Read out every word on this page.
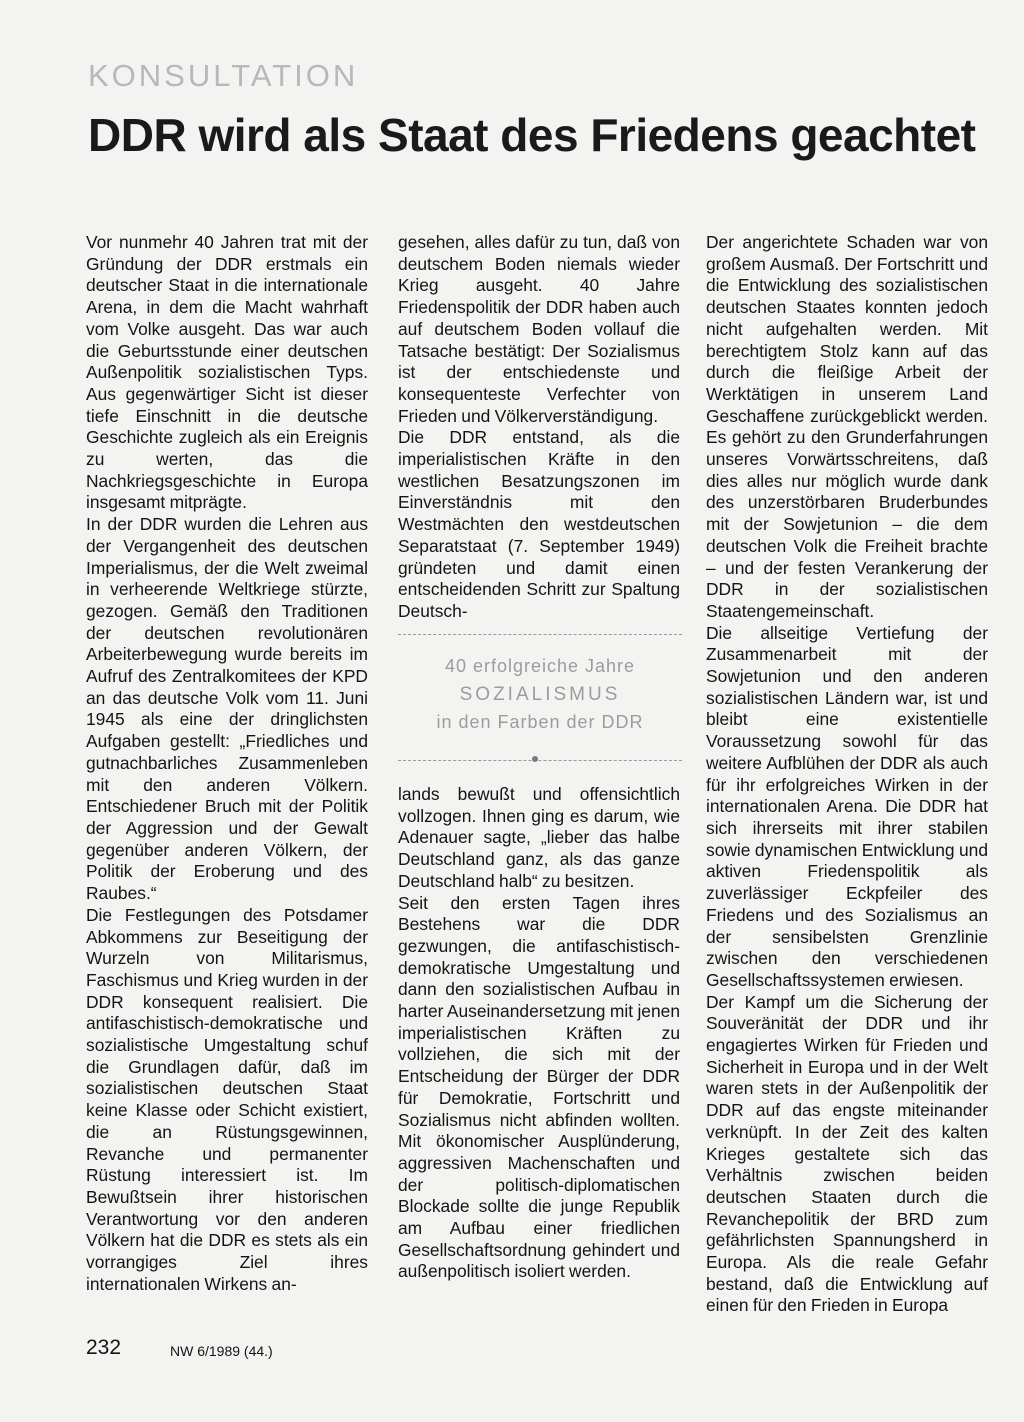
KONSULTATION
DDR wird als Staat des Friedens geachtet

Vor nunmehr 40 Jahren trat mit der Gründung der DDR erstmals ein deutscher Staat in die internationale Arena, in dem die Macht wahrhaft vom Volke ausgeht. Das war auch die Geburtsstunde einer deutschen Außenpolitik sozialistischen Typs. Aus gegenwärtiger Sicht ist dieser tiefe Einschnitt in die deutsche Geschichte zugleich als ein Ereignis zu werten, das die Nachkriegsgeschichte in Europa insgesamt mitprägte.

In der DDR wurden die Lehren aus der Vergangenheit des deutschen Imperialismus, der die Welt zweimal in verheerende Weltkriege stürzte, gezogen. Gemäß den Traditionen der deutschen revolutionären Arbeiterbewegung wurde bereits im Aufruf des Zentralkomitees der KPD an das deutsche Volk vom 11. Juni 1945 als eine der dringlichsten Aufgaben gestellt: „Friedliches und gutnachbarliches Zusammenleben mit den anderen Völkern. Entschiedener Bruch mit der Politik der Aggression und der Gewalt gegenüber anderen Völkern, der Politik der Eroberung und des Raubes.“

Die Festlegungen des Potsdamer Abkommens zur Beseitigung der Wurzeln von Militarismus, Faschismus und Krieg wurden in der DDR konsequent realisiert. Die antifaschistisch-demokratische und sozialistische Umgestaltung schuf die Grundlagen dafür, daß im sozialistischen deutschen Staat keine Klasse oder Schicht existiert, die an Rüstungsgewinnen, Revanche und permanenter Rüstung interessiert ist. Im Bewußtsein ihrer historischen Verantwortung vor den anderen Völkern hat die DDR es stets als ein vorrangiges Ziel ihres internationalen Wirkens an-

gesehen, alles dafür zu tun, daß von deutschem Boden niemals wieder Krieg ausgeht. 40 Jahre Friedenspolitik der DDR haben auch auf deutschem Boden vollauf die Tatsache bestätigt: Der Sozialismus ist der entschiedenste und konsequenteste Verfechter von Frieden und Völkerverständigung.

Die DDR entstand, als die imperialistischen Kräfte in den westlichen Besatzungszonen im Einverständnis mit den Westmächten den westdeutschen Separatstaat (7. September 1949) gründeten und damit einen entscheidenden Schritt zur Spaltung Deutsch-

40 erfolgreiche Jahre
SOZIALISMUS
in den Farben der DDR

lands bewußt und offensichtlich vollzogen. Ihnen ging es darum, wie Adenauer sagte, „lieber das halbe Deutschland ganz, als das ganze Deutschland halb“ zu besitzen.

Seit den ersten Tagen ihres Bestehens war die DDR gezwungen, die antifaschistisch-demokratische Umgestaltung und dann den sozialistischen Aufbau in harter Auseinandersetzung mit jenen imperialistischen Kräften zu vollziehen, die sich mit der Entscheidung der Bürger der DDR für Demokratie, Fortschritt und Sozialismus nicht abfinden wollten. Mit ökonomischer Ausplünderung, aggressiven Machenschaften und der politisch-diplomatischen Blockade sollte die junge Republik am Aufbau einer friedlichen Gesellschaftsordnung gehindert und außenpolitisch isoliert werden.

Der angerichtete Schaden war von großem Ausmaß. Der Fortschritt und die Entwicklung des sozialistischen deutschen Staates konnten jedoch nicht aufgehalten werden. Mit berechtigtem Stolz kann auf das durch die fleißige Arbeit der Werktätigen in unserem Land Geschaffene zurückgeblickt werden. Es gehört zu den Grunderfahrungen unseres Vorwärtsschreitens, daß dies alles nur möglich wurde dank des unzerstörbaren Bruderbundes mit der Sowjetunion – die dem deutschen Volk die Freiheit brachte – und der festen Verankerung der DDR in der sozialistischen Staatengemeinschaft.

Die allseitige Vertiefung der Zusammenarbeit mit der Sowjetunion und den anderen sozialistischen Ländern war, ist und bleibt eine existentielle Voraussetzung sowohl für das weitere Aufblühen der DDR als auch für ihr erfolgreiches Wirken in der internationalen Arena. Die DDR hat sich ihrerseits mit ihrer stabilen sowie dynamischen Entwicklung und aktiven Friedenspolitik als zuverlässiger Eckpfeiler des Friedens und des Sozialismus an der sensibelsten Grenzlinie zwischen den verschiedenen Gesellschaftssystemen erwiesen.

Der Kampf um die Sicherung der Souveränität der DDR und ihr engagiertes Wirken für Frieden und Sicherheit in Europa und in der Welt waren stets in der Außenpolitik der DDR auf das engste miteinander verknüpft. In der Zeit des kalten Krieges gestaltete sich das Verhältnis zwischen beiden deutschen Staaten durch die Revanchepolitik der BRD zum gefährlichsten Spannungsherd in Europa. Als die reale Gefahr bestand, daß die Entwicklung auf einen für den Frieden in Europa

232	NW 6/1989 (44.)
